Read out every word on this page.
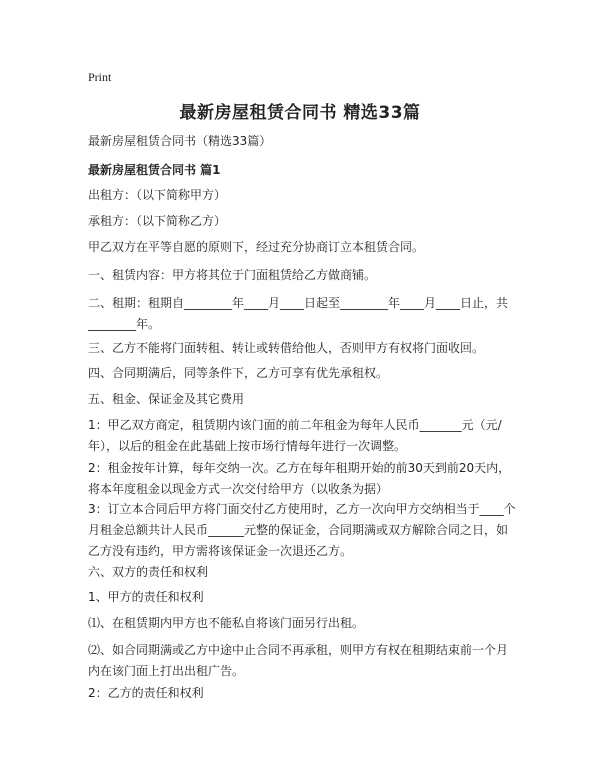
Print
最新房屋租赁合同书 精选33篇

最新房屋租赁合同书（精选33篇）

最新房屋租赁合同书 篇1

出租方：（以下简称甲方）

承租方：（以下简称乙方）

甲乙双方在平等自愿的原则下，经过充分协商订立本租赁合同。

一、租赁内容：甲方将其位于门面租赁给乙方做商铺。

二、租期：租期自________年____月____日起至________年____月____日止，共________年。

三、乙方不能将门面转租、转让或转借给他人，否则甲方有权将门面收回。

四、合同期满后，同等条件下，乙方可享有优先承租权。

五、租金、保证金及其它费用

1：甲乙双方商定，租赁期内该门面的前二年租金为每年人民币_______元（元/年），以后的租金在此基础上按市场行情每年进行一次调整。

2：租金按年计算，每年交纳一次。乙方在每年租期开始的前30天到前20天内，将本年度租金以现金方式一次交付给甲方（以收条为据）

3：订立本合同后甲方将门面交付乙方使用时，乙方一次向甲方交纳相当于____个月租金总额共计人民币______元整的保证金，合同期满或双方解除合同之日，如乙方没有违约，甲方需将该保证金一次退还乙方。

六、双方的责任和权利

1、甲方的责任和权利

⑴、在租赁期内甲方也不能私自将该门面另行出租。

⑵、如合同期满或乙方中途中止合同不再承租，则甲方有权在租期结束前一个月内在该门面上打出出租广告。

2：乙方的责任和权利
